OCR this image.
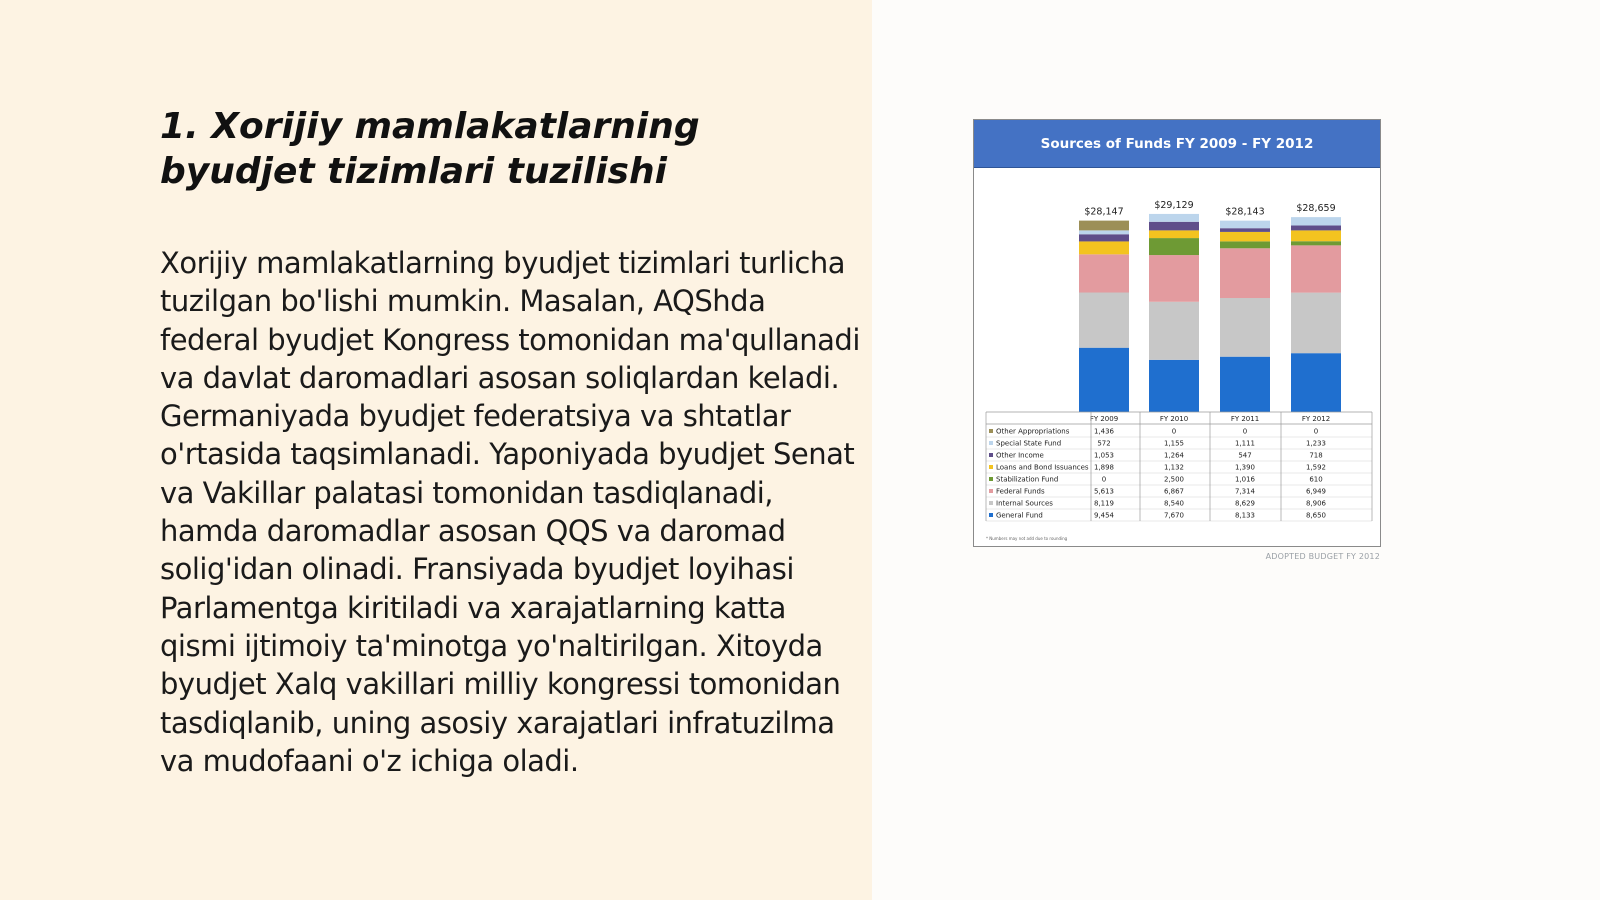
1. Xorijiy mamlakatlarning byudjet tizimlari tuzilishi

Xorijiy mamlakatlarning byudjet tizimlari turlicha tuzilgan bo'lishi mumkin. Masalan, AQShda federal byudjet Kongress tomonidan ma'qullanadi va davlat daromadlari asosan soliqlardan keladi. Germaniyada byudjet federatsiya va shtatlar o'rtasida taqsimlanadi. Yaponiyada byudjet Senat va Vakillar palatasi tomonidan tasdiqlanadi, hamda daromadlar asosan QQS va daromad solig'idan olinadi. Fransiyada byudjet loyihasi Parlamentga kiritiladi va xarajatlarning katta qismi ijtimoiy ta'minotga yo'naltirilgan. Xitoyda byudjet Xalq vakillari milliy kongressi tomonidan tasdiqlanib, uning asosiy xarajatlari infratuzilma va mudofaani o'z ichiga oladi.

$28,147
$29,129
$28,143	$28,659
FY 2009	FY 2010	FY 2011	FY 2012
Other Appropriations	1,436	0	0	0
Special State Fund	572	1,155	1,111	1,233
Other Income	1,053	1,264	547	718
Loans and Bond Issuances 1,898	1,132	1,390	1,592
Stabilization Fund	0	2,500	1,016	610
Federal Funds	5,613	6,867	7,314	6,949
Internal Sources	8,119	8,540	8,629	8,906
General Fund	9,454	7,670	8,133	8,650
* Numbers may not add due to rounding
Sources of Funds FY 2009 - FY 2012
ADOPTED BUDGET FY 2012
